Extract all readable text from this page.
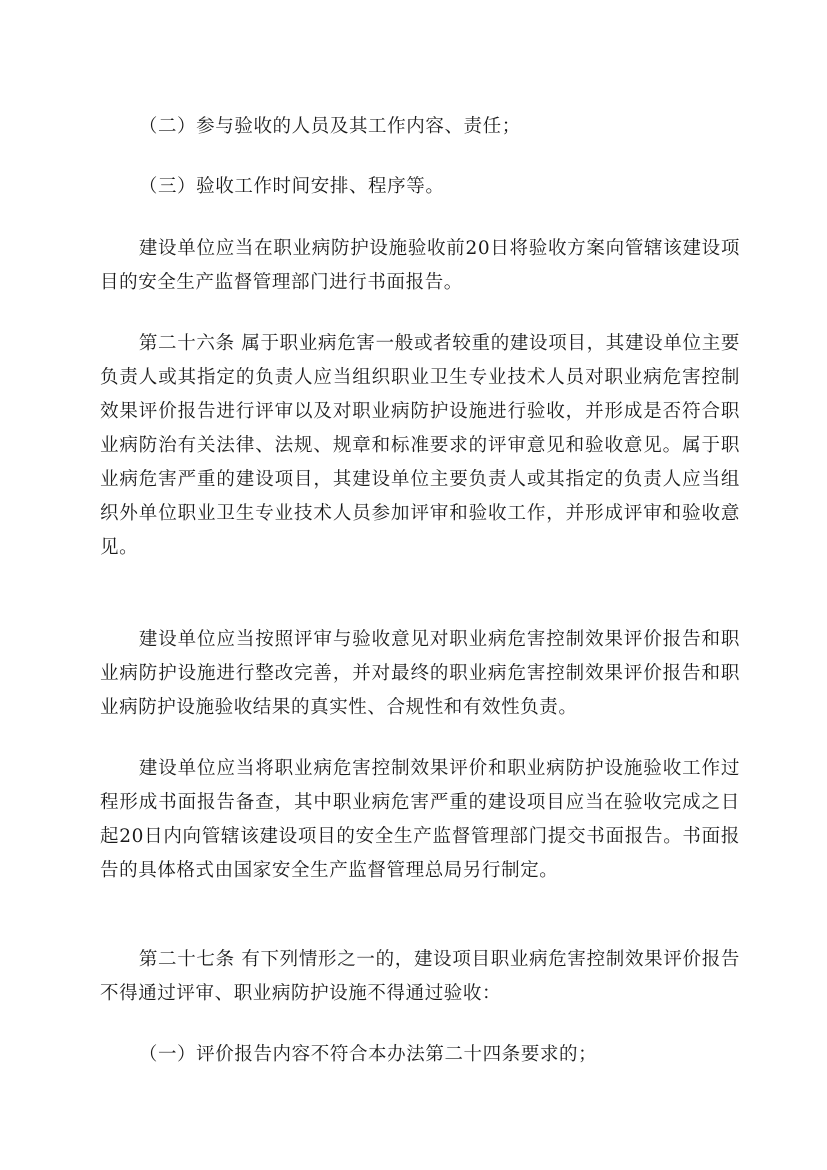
（二）参与验收的人员及其工作内容、责任；

（三）验收工作时间安排、程序等。

建设单位应当在职业病防护设施验收前20日将验收方案向管辖该建设项目的安全生产监督管理部门进行书面报告。

第二十六条 属于职业病危害一般或者较重的建设项目，其建设单位主要负责人或其指定的负责人应当组织职业卫生专业技术人员对职业病危害控制效果评价报告进行评审以及对职业病防护设施进行验收，并形成是否符合职业病防治有关法律、法规、规章和标准要求的评审意见和验收意见。属于职业病危害严重的建设项目，其建设单位主要负责人或其指定的负责人应当组织外单位职业卫生专业技术人员参加评审和验收工作，并形成评审和验收意见。

建设单位应当按照评审与验收意见对职业病危害控制效果评价报告和职业病防护设施进行整改完善，并对最终的职业病危害控制效果评价报告和职业病防护设施验收结果的真实性、合规性和有效性负责。

建设单位应当将职业病危害控制效果评价和职业病防护设施验收工作过程形成书面报告备查，其中职业病危害严重的建设项目应当在验收完成之日起20日内向管辖该建设项目的安全生产监督管理部门提交书面报告。书面报告的具体格式由国家安全生产监督管理总局另行制定。

第二十七条 有下列情形之一的，建设项目职业病危害控制效果评价报告不得通过评审、职业病防护设施不得通过验收：

（一）评价报告内容不符合本办法第二十四条要求的；
